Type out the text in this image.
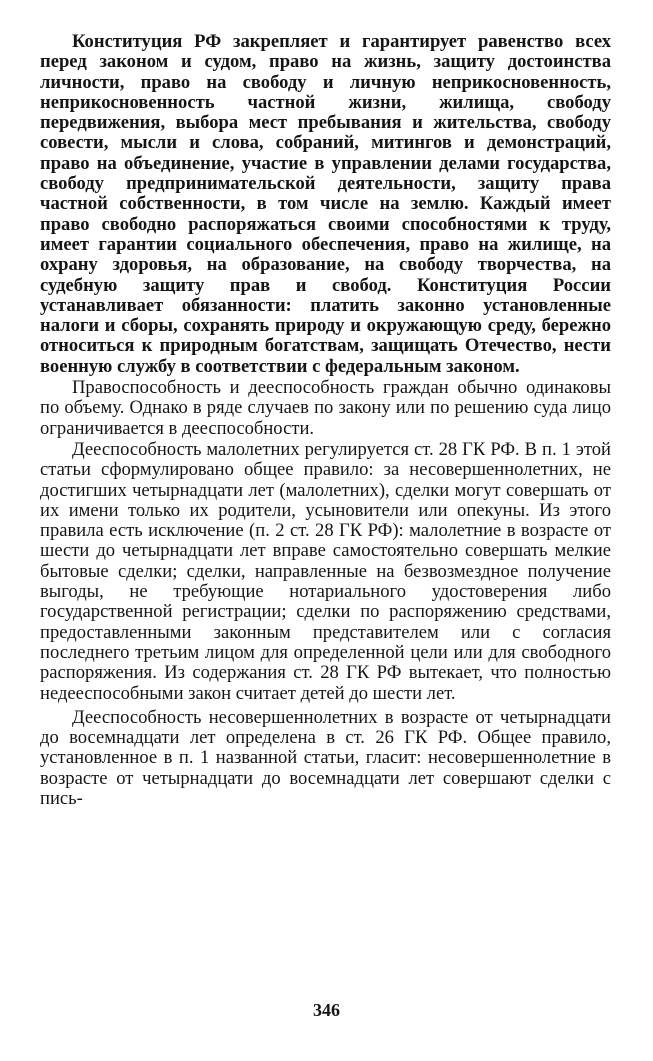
Конституция РФ закрепляет и гарантирует равенство всех перед законом и судом, право на жизнь, защиту достоинства личности, право на свободу и личную неприкосновенность, неприкосновенность частной жизни, жилища, свободу передвижения, выбора мест пребывания и жительства, свободу совести, мысли и слова, собраний, митингов и демонстраций, право на объединение, участие в управлении делами государства, свободу предпринимательской деятельности, защиту права частной собственности, в том числе на землю. Каждый имеет право свободно распоряжаться своими способностями к труду, имеет гарантии социального обеспечения, право на жилище, на охрану здоровья, на образование, на свободу творчества, на судебную защиту прав и свобод. Конституция России устанавливает обязанности: платить законно установленные налоги и сборы, сохранять природу и окружающую среду, бережно относиться к природным богатствам, защищать Отечество, нести военную службу в соответствии с федеральным законом.

Правоспособность и дееспособность граждан обычно одинаковы по объему. Однако в ряде случаев по закону или по решению суда лицо ограничивается в дееспособности.

Дееспособность малолетних регулируется ст. 28 ГК РФ. В п. 1 этой статьи сформулировано общее правило: за несовершеннолетних, не достигших четырнадцати лет (малолетних), сделки могут совершать от их имени только их родители, усыновители или опекуны. Из этого правила есть исключение (п. 2 ст. 28 ГК РФ): малолетние в возрасте от шести до четырнадцати лет вправе самостоятельно совершать мелкие бытовые сделки; сделки, направленные на безвозмездное получение выгоды, не требующие нотариального удостоверения либо государственной регистрации; сделки по распоряжению средствами, предоставленными законным представителем или с согласия последнего третьим лицом для определенной цели или для свободного распоряжения. Из содержания ст. 28 ГК РФ вытекает, что полностью недееспособными закон считает детей до шести лет.

Дееспособность несовершеннолетних в возрасте от четырнадцати до восемнадцати лет определена в ст. 26 ГК РФ. Общее правило, установленное в п. 1 названной статьи, гласит: несовершеннолетние в возрасте от четырнадцати до восемнадцати лет совершают сделки с пись-

346
